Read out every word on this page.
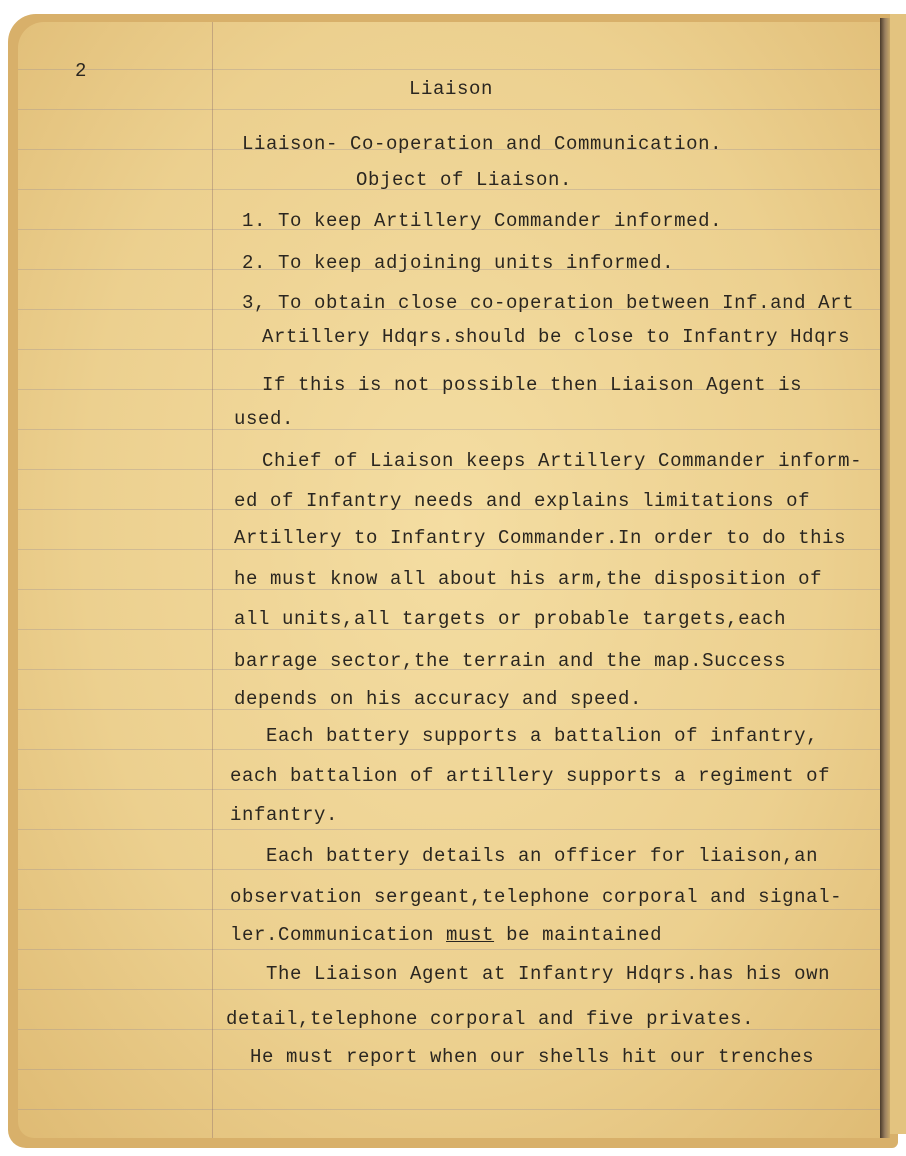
2
Liaison
Liaison- Co-operation and Communication.
Object of Liaison.
1. To keep Artillery Commander informed.
2. To keep adjoining units informed.
3, To obtain close co-operation between Inf.and Art
Artillery Hdqrs.should be close to Infantry Hdqrs
If this is not possible then Liaison Agent is
used.
Chief of Liaison keeps Artillery Commander inform-
ed of Infantry needs and explains limitations of
Artillery to Infantry Commander.In order to do this
he must know all about his arm,the disposition of
all units,all targets or probable targets,each
barrage sector,the terrain and the map.Success
depends on his accuracy and speed.
Each battery supports a battalion of infantry,
each battalion of artillery supports a regiment of
infantry.
Each battery details an officer for liaison,an
observation sergeant,telephone corporal and signal-
ler.Communication must be maintained
The Liaison Agent at Infantry Hdqrs.has his own
detail,telephone corporal and five privates.
He must report when our shells hit our trenches
